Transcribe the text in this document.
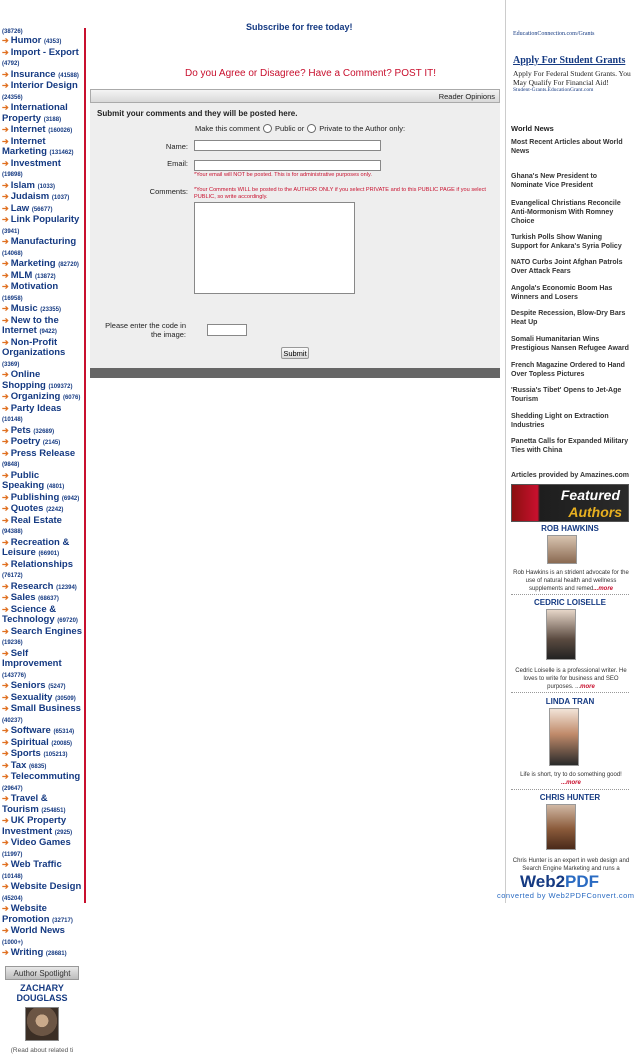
(38726)
➔ Humor (4353)
➔ Import - Export
(4792)
➔ Insurance (41588)
➔ Interior Design
(24356)
➔ International Property (3188)
➔ Internet (160026)
➔ Internet Marketing (131462)
➔ Investment
(19898)
➔ Islam (1033)
➔ Judaism (1037)
➔ Law (56677)
➔ Link Popularity
(3941)
➔ Manufacturing
(14068)
➔ Marketing (82720)
➔ MLM (13872)
➔ Motivation
(16958)
➔ Music (23355)
➔ New to the Internet (9422)
➔ Non-Profit Organizations
(3369)
➔ Online Shopping (109372)
➔ Organizing (6076)
➔ Party Ideas
(10148)
➔ Pets (32689)
➔ Poetry (2145)
➔ Press Release
(9848)
➔ Public Speaking (4801)
➔ Publishing (6942)
➔ Quotes (2242)
➔ Real Estate
(94388)
➔ Recreation & Leisure (66901)
➔ Relationships
(76172)
➔ Research (12394)
➔ Sales (68637)
➔ Science & Technology (69720)
➔ Search Engines (19236)
➔ Self Improvement
(143776)
➔ Seniors (5247)
➔ Sexuality (30509)
➔ Small Business
(40237)
➔ Software (65314)
➔ Spiritual (20085)
➔ Sports (105213)
➔ Tax (6835)
➔ Telecommuting
(29647)
➔ Travel & Tourism (254851)
➔ UK Property Investment (2925)
➔ Video Games
(11997)
➔ Web Traffic
(10148)
➔ Website Design (45204)
➔ Website Promotion (32717)
➔ World News
(1000+)
➔ Writing (28681)
Author Spotlight
ZACHARY DOUGLASS
(Read about related ti
Subscribe for free today!
Do you Agree or Disagree? Have a Comment? POST IT!
Reader Opinions
Submit your comments and they will be posted here.
Make this comment Public or Private to the Author only:
Name:
Email:
*Your email will NOT be posted. This is for administrative purposes only.
Comments: *Your Comments WILL be posted to the AUTHOR ONLY if you select PRIVATE and to this PUBLIC PAGE if you select PUBLIC, so write accordingly.
Please enter the code in the image:
Submit
EducationConnection.com/Grants
Apply For Student Grants
Apply For Federal Student Grants. You May Qualify For Financial Aid!
Student-Grants.EducationGrant.com
World News
Most Recent Articles about World News
Ghana's New President to Nominate Vice President
Evangelical Christians Reconcile Anti-Mormonism With Romney Choice
Turkish Polls Show Waning Support for Ankara's Syria Policy
NATO Curbs Joint Afghan Patrols Over Attack Fears
Angola's Economic Boom Has Winners and Losers
Despite Recession, Blow-Dry Bars Heat Up
Somali Humanitarian Wins Prestigious Nansen Refugee Award
French Magazine Ordered to Hand Over Topless Pictures
'Russia's Tibet' Opens to Jet-Age Tourism
Shedding Light on Extraction Industries
Panetta Calls for Expanded Military Ties with China
Articles provided by Amazines.com
Featured
Authors
ROB HAWKINS
Rob Hawkins is an strident advocate for the use of natural health and wellness supplements and remed...more
CEDRIC LOISELLE
Cedric Loiselle is a professional writer. He loves to write for business and SEO purposes. ...more
LINDA TRAN
Life is short, try to do something good!
...more
CHRIS HUNTER
Chris Hunter is an expert in web design and Search Engine Marketing and runs a
Web2PDF
converted by Web2PDFConvert.com
